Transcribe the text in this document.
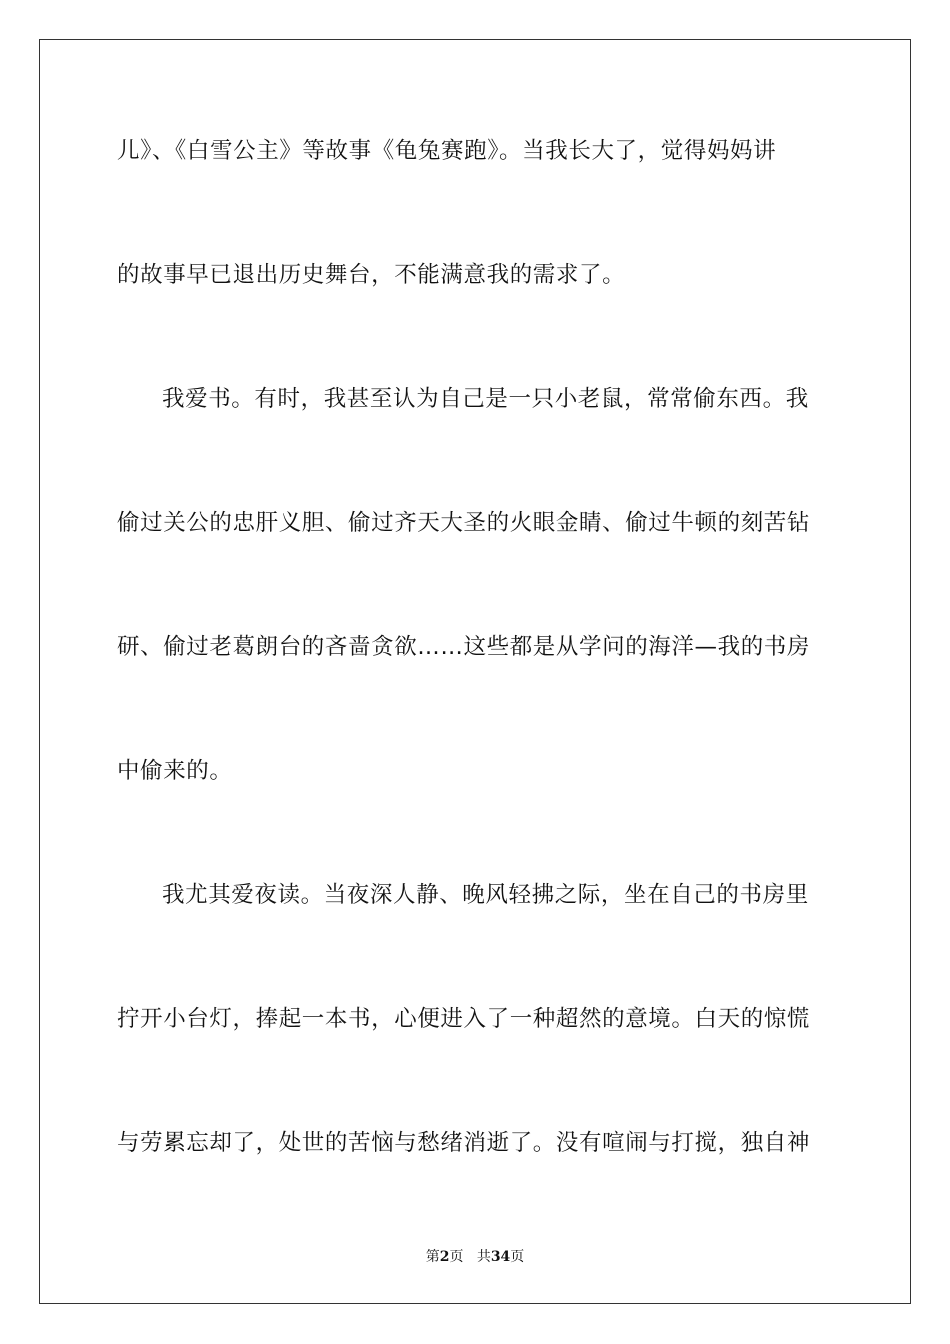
儿》、《白雪公主》等故事《龟兔赛跑》。当我长大了，觉得妈妈讲
的故事早已退出历史舞台，不能满意我的需求了。
我爱书。有时，我甚至认为自己是一只小老鼠，常常偷东西。我
偷过关公的忠肝义胆、偷过齐天大圣的火眼金睛、偷过牛顿的刻苦钻
研、偷过老葛朗台的吝啬贪欲……这些都是从学问的海洋—我的书房
中偷来的。
我尤其爱夜读。当夜深人静、晚风轻拂之际，坐在自己的书房里
拧开小台灯，捧起一本书，心便进入了一种超然的意境。白天的惊慌
与劳累忘却了，处世的苦恼与愁绪消逝了。没有喧闹与打搅，独自神
第2页 共34页
